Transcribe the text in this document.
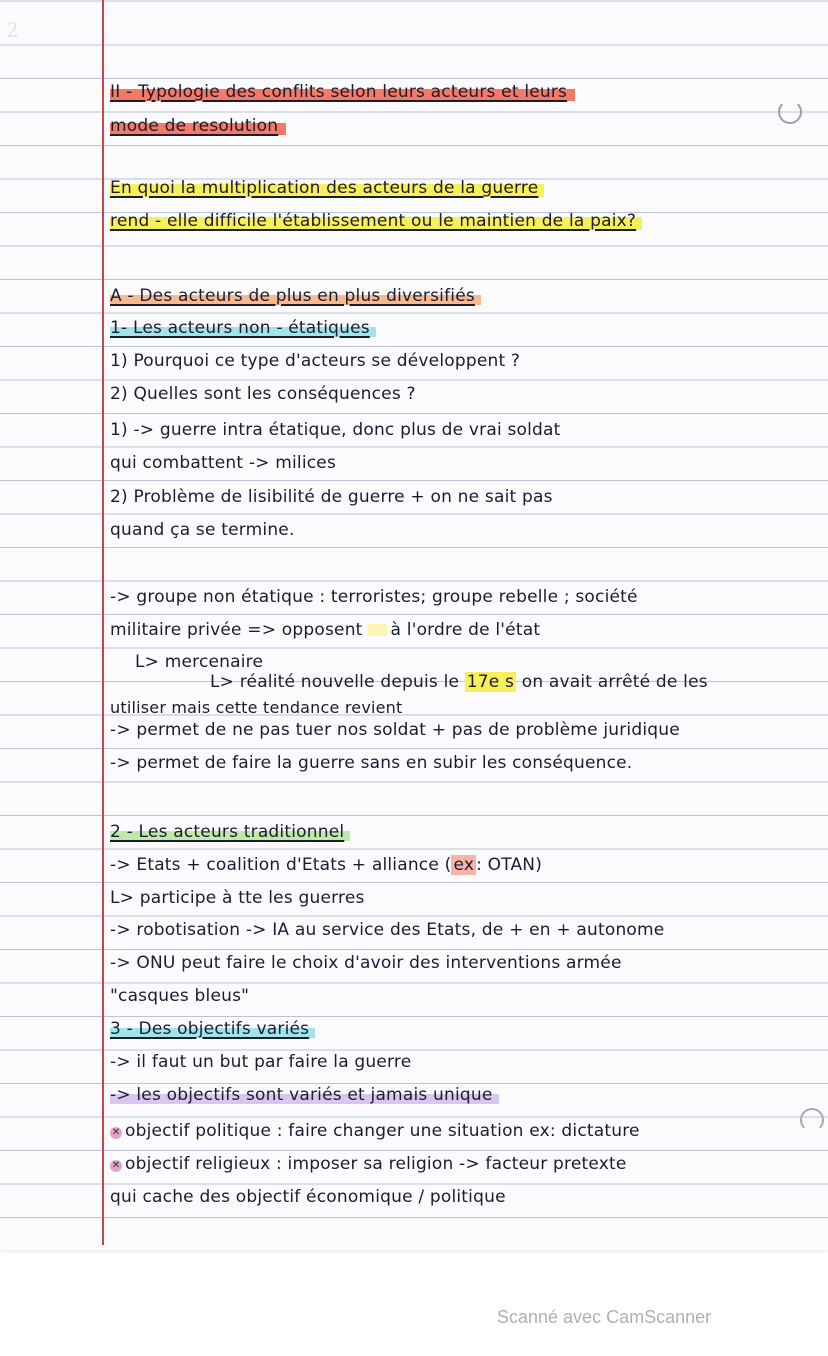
2
II - Typologie des conflits selon leurs acteurs et leurs
mode de resolution
En quoi la multiplication des acteurs de la guerre
rend - elle difficile l'établissement ou le maintien de la paix?
A - Des acteurs de plus en plus diversifiés
1- Les acteurs non - étatiques
1) Pourquoi ce type d'acteurs se développent ?
2) Quelles sont les conséquences ?
1) -> guerre intra étatique, donc plus de vrai soldat
qui combattent -> milices
2) Problème de lisibilité de guerre + on ne sait pas
quand ça se termine.
-> groupe non étatique : terroristes; groupe rebelle ; société
militaire privée => opposent à l'ordre de l'état
L> mercenaire
L> réalité nouvelle depuis le 17e s on avait arrêté de les
utiliser mais cette tendance revient
-> permet de ne pas tuer nos soldat + pas de problème juridique
-> permet de faire la guerre sans en subir les conséquence.
2 - Les acteurs traditionnel
-> Etats + coalition d'Etats + alliance ( ex : OTAN)
L> participe à tte les guerres
-> robotisation -> IA au service des Etats, de + en + autonome
-> ONU peut faire le choix d'avoir des interventions armée
"casques bleus"
3 - Des objectifs variés
-> il faut un but par faire la guerre
-> les objectifs sont variés et jamais unique
✕ objectif politique : faire changer une situation ex: dictature
✕ objectif religieux : imposer sa religion -> facteur pretexte
qui cache des objectif économique / politique
Scanné avec CamScanner
